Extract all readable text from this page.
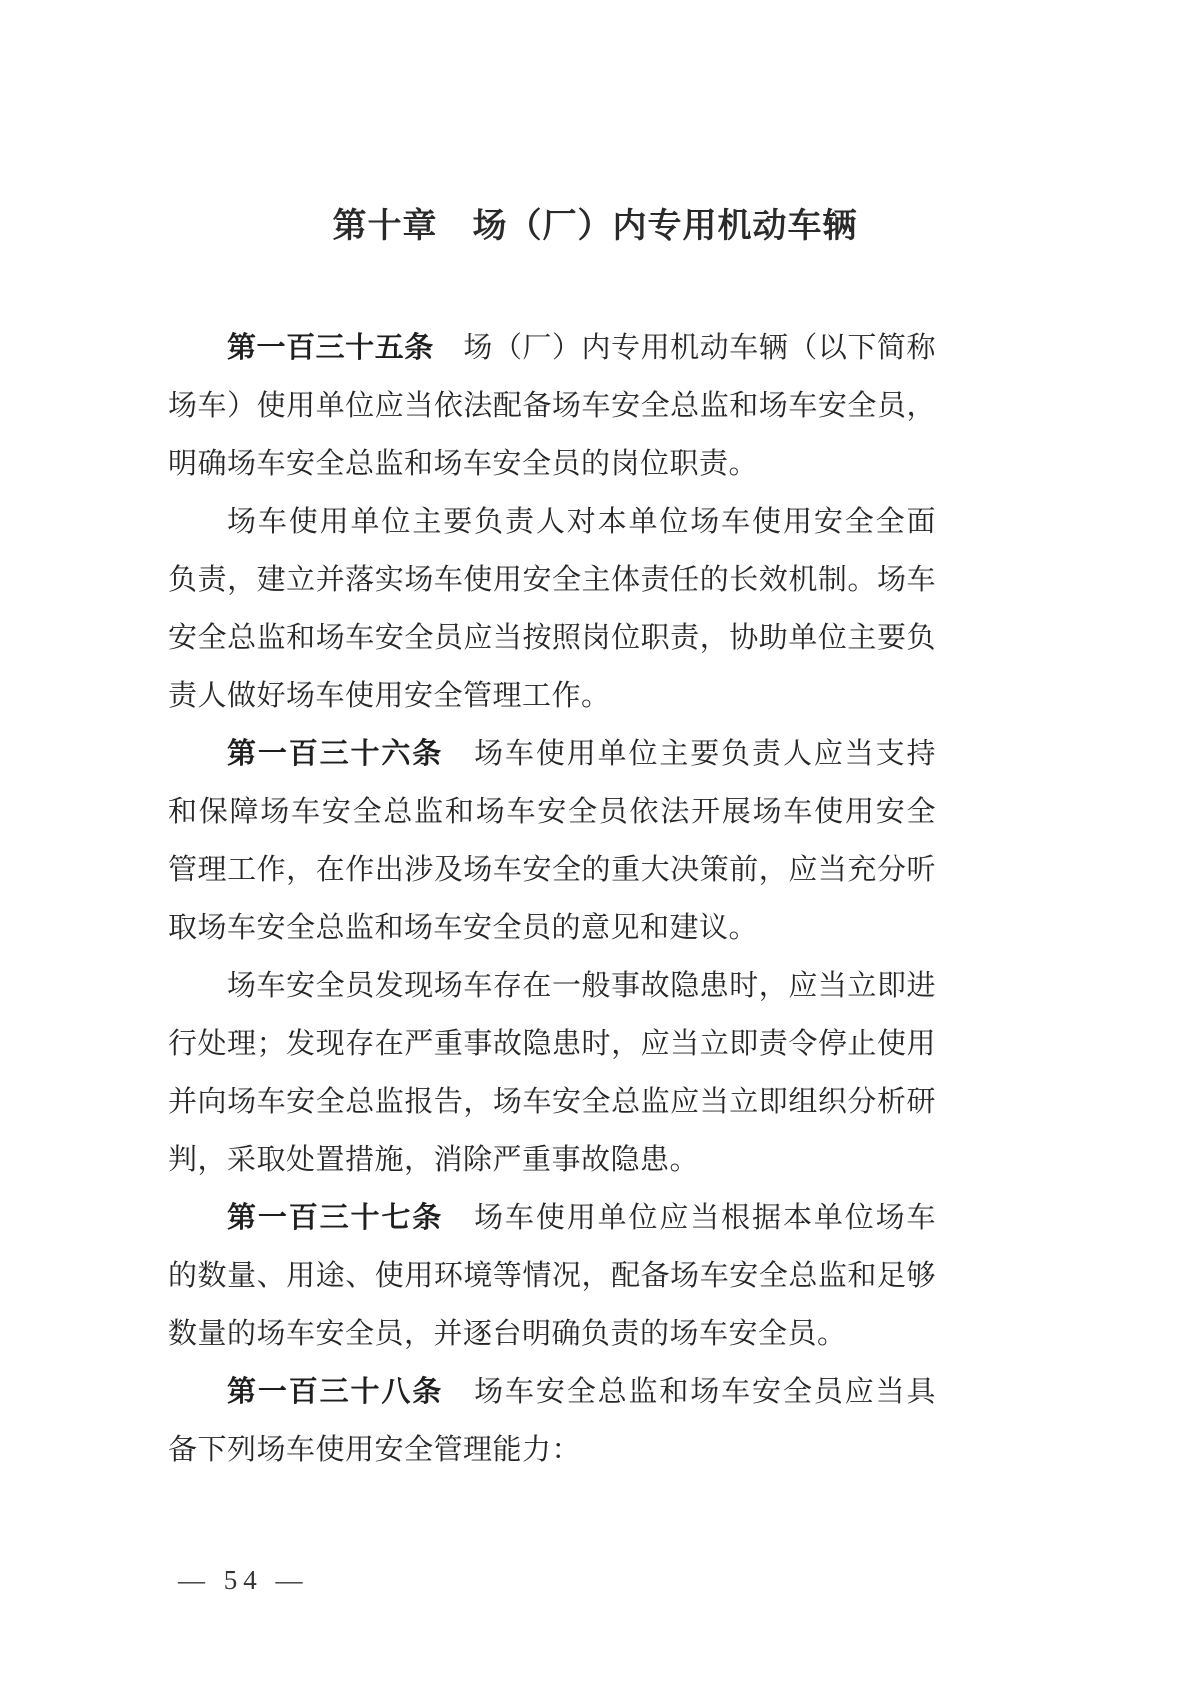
第十章　场（厂）内专用机动车辆
第一百三十五条　场（厂）内专用机动车辆（以下简称
场车）使用单位应当依法配备场车安全总监和场车安全员，
明确场车安全总监和场车安全员的岗位职责。
场车使用单位主要负责人对本单位场车使用安全全面
负责，建立并落实场车使用安全主体责任的长效机制。场车
安全总监和场车安全员应当按照岗位职责，协助单位主要负
责人做好场车使用安全管理工作。
第一百三十六条　场车使用单位主要负责人应当支持
和保障场车安全总监和场车安全员依法开展场车使用安全
管理工作，在作出涉及场车安全的重大决策前，应当充分听
取场车安全总监和场车安全员的意见和建议。
场车安全员发现场车存在一般事故隐患时，应当立即进
行处理；发现存在严重事故隐患时，应当立即责令停止使用
并向场车安全总监报告，场车安全总监应当立即组织分析研
判，采取处置措施，消除严重事故隐患。
第一百三十七条　场车使用单位应当根据本单位场车
的数量、用途、使用环境等情况，配备场车安全总监和足够
数量的场车安全员，并逐台明确负责的场车安全员。
第一百三十八条　场车安全总监和场车安全员应当具
备下列场车使用安全管理能力：
— 54 —
